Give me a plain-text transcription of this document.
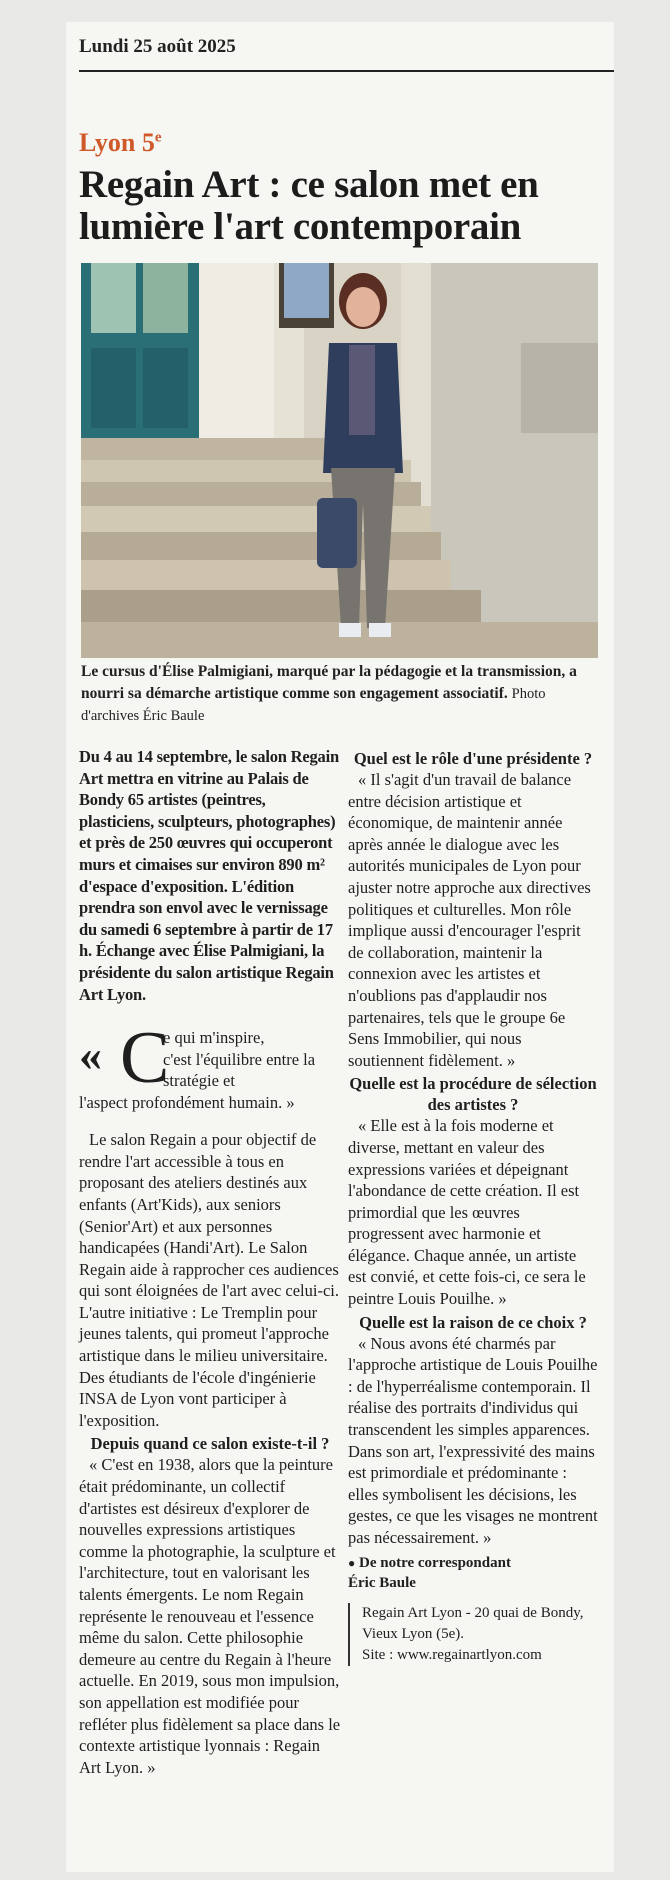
Lundi 25 août 2025
Lyon 5e
Regain Art : ce salon met en lumière l'art contemporain

Le cursus d'Élise Palmigiani, marqué par la pédagogie et la transmission, a nourri sa démarche artistique comme son engagement associatif. Photo d'archives Éric Baule

Du 4 au 14 septembre, le salon Regain Art mettra en vitrine au Palais de Bondy 65 artistes (peintres, plasticiens, sculpteurs, photographes) et près de 250 œuvres qui occuperont murs et cimaises sur environ 890 m² d'espace d'exposition. L'édition prendra son envol avec le vernissage du samedi 6 septembre à partir de 17 h. Échange avec Élise Palmigiani, la présidente du salon artistique Regain Art Lyon.

« C

e qui m'inspire,

c'est l'équilibre entre la stratégie et

l'aspect profondément humain. »

Le salon Regain a pour objectif de rendre l'art accessible à tous en proposant des ateliers destinés aux enfants (Art'Kids), aux seniors (Senior'Art) et aux personnes handicapées (Handi'Art). Le Salon Regain aide à rapprocher ces audiences qui sont éloignées de l'art avec celui-ci. L'autre initiative : Le Tremplin pour jeunes talents, qui promeut l'approche artistique dans le milieu universitaire. Des étudiants de l'école d'ingénierie INSA de Lyon vont participer à l'exposition.

Depuis quand ce salon existe-t-il ?

« C'est en 1938, alors que la peinture était prédominante, un collectif d'artistes est désireux d'explorer de nouvelles expressions artistiques comme la photographie, la sculpture et l'architecture, tout en valorisant les talents émergents. Le nom Regain représente le renouveau et l'essence même du salon. Cette philosophie demeure au centre du Regain à l'heure actuelle. En 2019, sous mon impulsion, son appellation est modifiée pour refléter plus fidèlement sa place dans le contexte artistique lyonnais : Regain Art Lyon. »

Quel est le rôle d'une présidente ?

« Il s'agit d'un travail de balance entre décision artistique et économique, de maintenir année après année le dialogue avec les autorités municipales de Lyon pour ajuster notre approche aux directives politiques et culturelles. Mon rôle implique aussi d'encourager l'esprit de collaboration, maintenir la connexion avec les artistes et n'oublions pas d'applaudir nos partenaires, tels que le groupe 6e Sens Immobilier, qui nous soutiennent fidèlement. »

Quelle est la procédure de sélection des artistes ?

« Elle est à la fois moderne et diverse, mettant en valeur des expressions variées et dépeignant l'abondance de cette création. Il est primordial que les œuvres progressent avec harmonie et élégance. Chaque année, un artiste est convié, et cette fois-ci, ce sera le peintre Louis Pouilhe. »

Quelle est la raison de ce choix ?

« Nous avons été charmés par l'approche artistique de Louis Pouilhe : de l'hyperréalisme contemporain. Il réalise des portraits d'individus qui transcendent les simples apparences. Dans son art, l'expressivité des mains est primordiale et prédominante : elles symbolisent les décisions, les gestes, ce que les visages ne montrent pas nécessairement. »

● De notre correspondant
Éric Baule

Regain Art Lyon - 20 quai de Bondy, Vieux Lyon (5e).

Site : www.regainartlyon.com
